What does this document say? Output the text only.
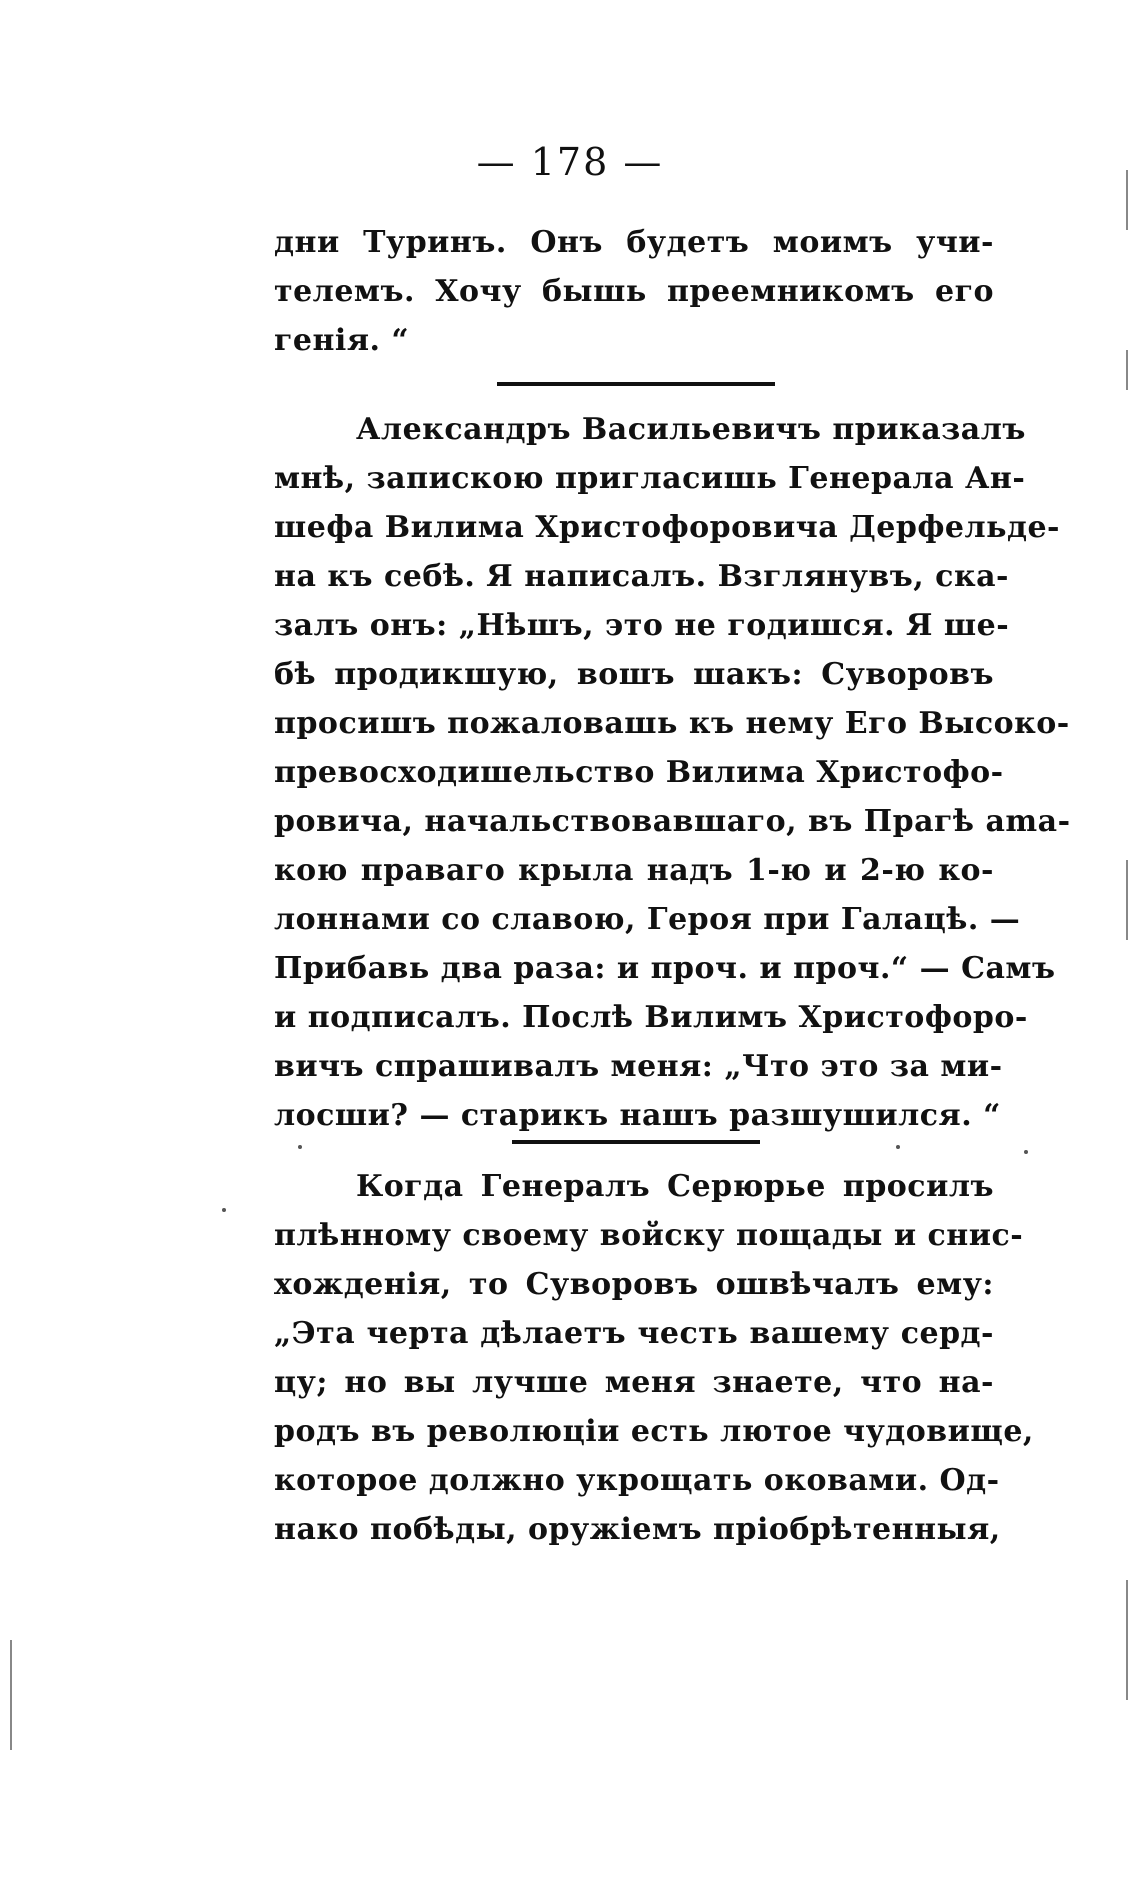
— 178 —
дни Туринъ. Онъ будетъ моимъ учи-
телемъ. Хочу бышь преемникомъ его
генія. “
Александръ Васильевичъ приказалъ
мнѣ, запискою пригласишь Генерала Ан-
шефа Вилима Христофоровича Дерфельде-
на къ себѣ. Я написалъ. Взглянувъ, ска-
залъ онъ: „Нѣшъ, это не годишся. Я шe-
бѣ продикшую, вошъ шакъ: Суворовъ
просишъ пожаловашь къ нему Его Высоко-
превосходишельство Вилима Христофо-
ровича, начальствовавшаго, въ Прагѣ аmа-
кою праваго крыла надъ 1-ю и 2-ю ко-
лоннами со славою, Героя при Галацѣ. —
Прибавь два раза: и проч. и проч.“ — Самъ
и подписалъ. Послѣ Вилимъ Христофоро-
вичъ спрашивалъ меня: „Что это за ми-
лосши? — старикъ нашъ разшушился. “
Когда Генералъ Серюрье просилъ
плѣнному своему войску пощады и снис-
хожденія, то Суворовъ ошвѣчалъ ему:
„Эта черта дѣлаетъ честь вашему серд-
цу; но вы лучше меня знаете, что на-
родъ въ революціи есть лютое чудовище,
которое должно укрощать оковами. Од-
нако побѣды, оружіемъ пріобрѣтенныя,
